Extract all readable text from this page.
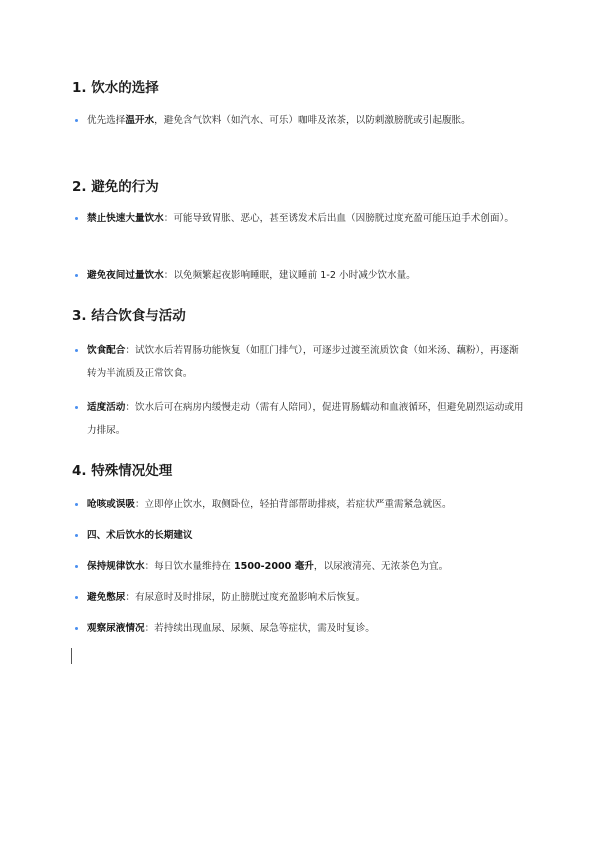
1. 饮水的选择
优先选择温开水，避免含气饮料（如汽水、可乐）咖啡及浓茶，以防刺激膀胱或引起腹胀。
2. 避免的行为
禁止快速大量饮水：可能导致胃胀、恶心，甚至诱发术后出血（因膀胱过度充盈可能压迫手术创面）。
避免夜间过量饮水：以免频繁起夜影响睡眠，建议睡前 1-2 小时减少饮水量。
3. 结合饮食与活动
饮食配合：试饮水后若胃肠功能恢复（如肛门排气），可逐步过渡至流质饮食（如米汤、藕粉），再逐渐转为半流质及正常饮食。
适度活动：饮水后可在病房内缓慢走动（需有人陪同），促进胃肠蠕动和血液循环，但避免剧烈运动或用力排尿。
4. 特殊情况处理
呛咳或误吸：立即停止饮水，取侧卧位，轻拍背部帮助排痰，若症状严重需紧急就医。
四、术后饮水的长期建议
保持规律饮水：每日饮水量维持在 1500-2000 毫升，以尿液清亮、无浓茶色为宜。
避免憋尿：有尿意时及时排尿，防止膀胱过度充盈影响术后恢复。
观察尿液情况：若持续出现血尿、尿频、尿急等症状，需及时复诊。
